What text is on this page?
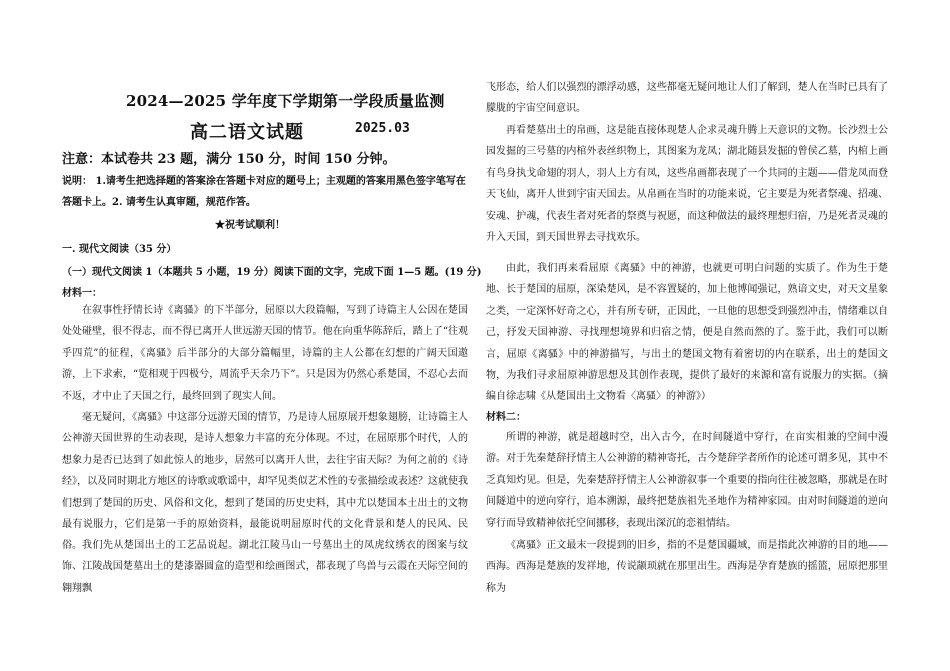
2024—2025 学年度下学期第一学段质量监测
高二语文试题	2025.03
注意：本试卷共 23 题，满分 150 分，时间 150 分钟。
说明： 1.请考生把选择题的答案涂在答题卡对应的题号上；主观题的答案用黑色签字笔写在答题卡上。2. 请考生认真审题，规范作答。
★祝考试顺利！
一. 现代文阅读（35 分）
（一）现代文阅读 1（本题共 5 小题，19 分）阅读下面的文字，完成下面 1—5 题。(19 分)
材料一：
在叙事性抒情长诗《离骚》的下半部分，屈原以大段篇幅，写到了诗篇主人公因在楚国处处碰壁，很不得志，而不得已离开人世远游天国的情节。他在向重华陈辞后，踏上了“往观乎四荒”的征程，《离骚》后半部分的大部分篇幅里，诗篇的主人公都在幻想的广阔天国遨游，上下求索，“览相观于四极兮，周流乎天余乃下”。只是因为仍然心系楚国，不忍心去而不返，才中止了天国之行，最终回到了现实人间。
毫无疑问，《离骚》中这部分远游天国的情节，乃是诗人屈原展开想象翅膀，让诗篇主人公神游天国世界的生动表现，是诗人想象力丰富的充分体现。不过，在屈原那个时代，人的想象力是否已达到了如此惊人的地步，居然可以离开人世，去往宇宙天际？为何之前的《诗经》，以及同时期北方地区的诗歌或歌谣中，却罕见类似艺术性的专张描绘或表述？这就使我们想到了楚国的历史、风俗和文化，想到了楚国的历史史料，其中尤以楚国本土出土的文物最有说服力，它们是第一手的原始资料，最能说明屈原时代的文化背景和楚人的民风、民俗。 我们先从楚国出土的工艺品说起。湖北江陵马山一号墓出土的凤虎纹绣衣的图案与纹饰、江陵战国楚墓出土的楚漆器圆盒的造型和绘画图式，都表现了鸟兽与云霞在天际空间的翱翔飘
飞形态，给人们以强烈的漂浮动感，这些都毫无疑问地让人们了解到，楚人在当时已具有了朦胧的宇宙空间意识。
再看楚墓出土的帛画，这是能直接体现楚人企求灵魂升腾上天意识的文物。长沙烈士公园发掘的三号墓的内棺外表丝织物上，其图案为龙凤；湖北随县发掘的曾侯乙墓，内棺上画有鸟身执戈命翅的羽人，羽人上方有凤，这些帛画都表现了一个共同的主题——借龙凤而登天飞仙，离开人世到宇宙天国去。从帛画在当时的功能来说，它主要是为死者祭魂、招魂、安魂、护魂，代表生者对死者的祭奠与祝愿，而这种做法的最终理想归宿，乃是死者灵魂的升入天国，到天国世界去寻找欢乐。
由此，我们再来看屈原《离骚》中的神游，也就更可明白问题的实质了。作为生于楚地、长于楚国的屈原，深染楚风，是不容置疑的，加上他博闻强记，熟谙文史，对天文星象之类，一定深怀好奇之心，并有所专研，正因此，一旦他的思想受到强烈冲击，情绪难以自己，抒发天国神游、寻找理想境界和归宿之情，便是自然而然的了。鉴于此，我们可以断言，屈原《离骚》中的神游描写，与出土的楚国文物有着密切的内在联系，出土的楚国文物，为我们寻求屈原神游思想及其创作表现，提供了最好的来源和富有说服力的实据。（摘编自徐志啸《从楚国出土文物看〈离骚〉的神游》）
材料二：
所谓的神游，就是超越时空，出入古今，在时间隧道中穿行，在亩实相兼的空间中漫游。对于先秦楚辞抒情主人公神游的精神寄托，古今楚辞学者所作的论述可谓多见，其中不乏真知灼见。但是，先秦楚辞抒情主人公神游叙事一个重要的指向往往被忽略，那就是在时间隧道中的逆向穿行，追本溯源，最终把楚族祖先圣地作为精神家园。由对时间隧道的逆向穿行而导致精神依托空间挪移，表现出深沉的恋祖情结。
《离骚》正文最末一段提到的旧乡，指的不是楚国疆域，而是指此次神游的目的地——西海。西海是楚族的发祥地，传说颛顼就在那里出生。西海是孕育楚族的摇篮，屈原把那里称为
